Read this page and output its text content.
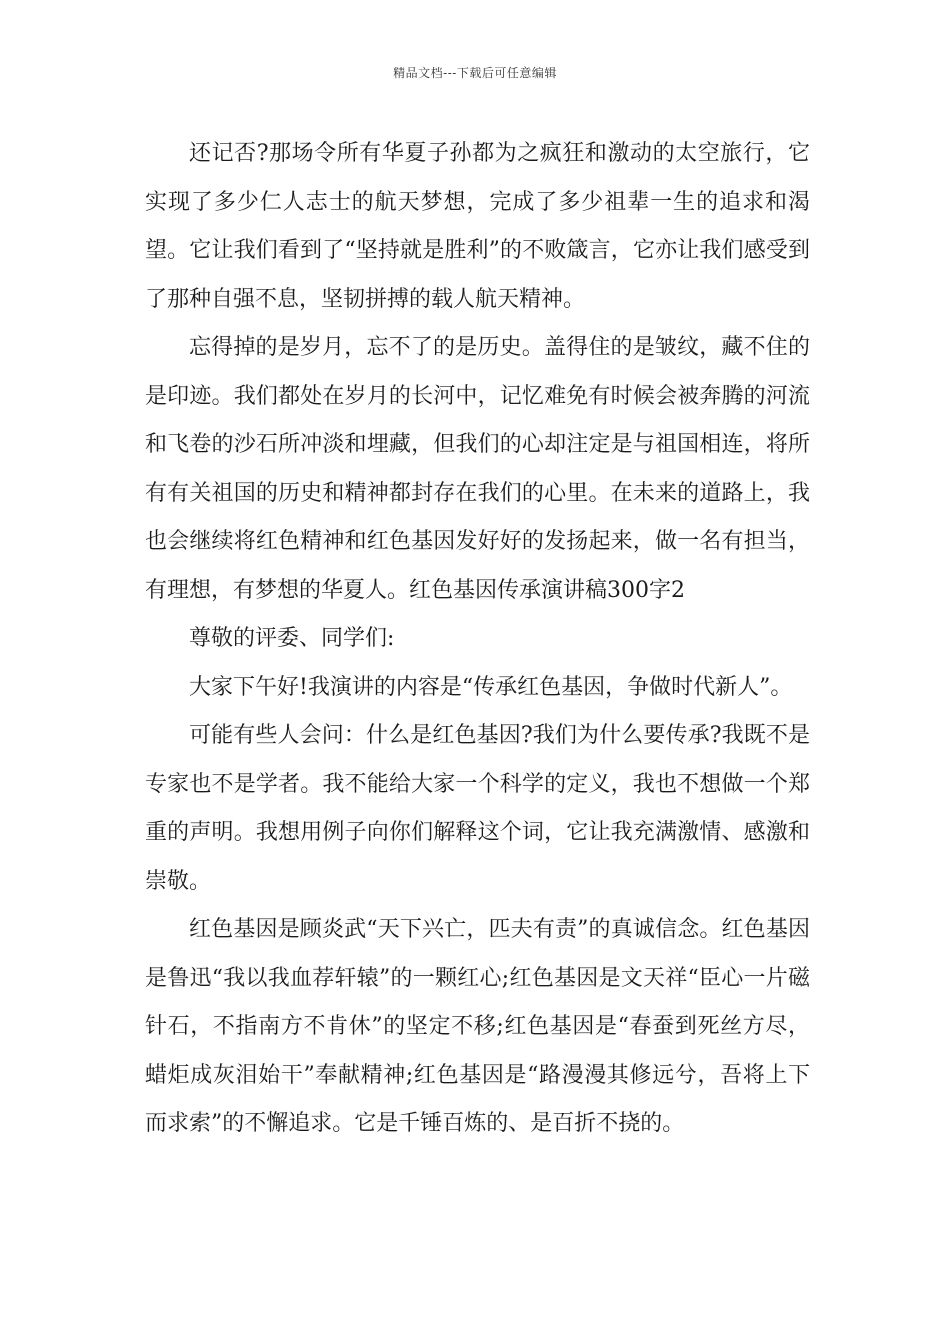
精品文档---下载后可任意编辑

还记否?那场令所有华夏子孙都为之疯狂和激动的太空旅行，它实现了多少仁人志士的航天梦想，完成了多少祖辈一生的追求和渴望。它让我们看到了“坚持就是胜利”的不败箴言，它亦让我们感受到了那种自强不息，坚韧拼搏的载人航天精神。

忘得掉的是岁月，忘不了的是历史。盖得住的是皱纹，藏不住的是印迹。我们都处在岁月的长河中，记忆难免有时候会被奔腾的河流和飞卷的沙石所冲淡和埋藏，但我们的心却注定是与祖国相连，将所有有关祖国的历史和精神都封存在我们的心里。在未来的道路上，我也会继续将红色精神和红色基因发好好的发扬起来，做一名有担当，有理想，有梦想的华夏人。红色基因传承演讲稿300字2

尊敬的评委、同学们:

大家下午好!我演讲的内容是“传承红色基因，争做时代新人”。

可能有些人会问：什么是红色基因?我们为什么要传承?我既不是专家也不是学者。我不能给大家一个科学的定义，我也不想做一个郑重的声明。我想用例子向你们解释这个词，它让我充满激情、感激和崇敬。

红色基因是顾炎武“天下兴亡，匹夫有责”的真诚信念。红色基因是鲁迅“我以我血荐轩辕”的一颗红心;红色基因是文天祥“臣心一片磁针石，不指南方不肯休”的坚定不移;红色基因是“春蚕到死丝方尽，蜡炬成灰泪始干”奉献精神;红色基因是“路漫漫其修远兮，吾将上下而求索”的不懈追求。它是千锤百炼的、是百折不挠的。
